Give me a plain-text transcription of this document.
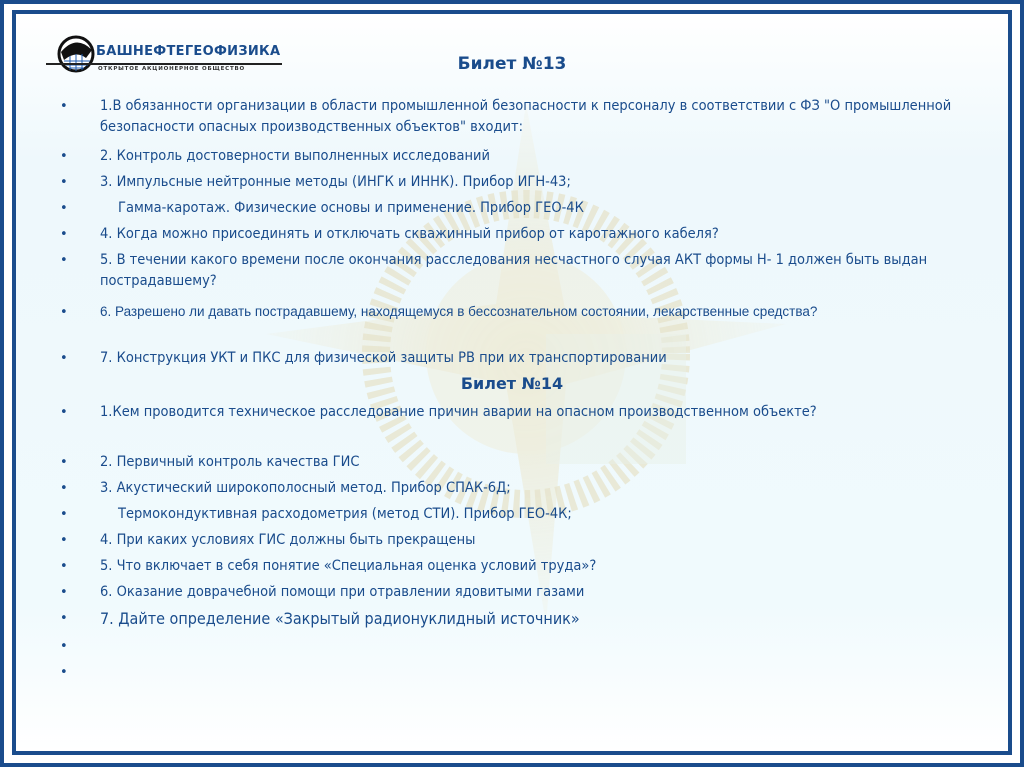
БАШНЕФТЕГЕОФИЗИКА
ОТКРЫТОЕ АКЦИОНЕРНОЕ ОБЩЕСТВО	Билет №13
• 1.В обязанности организации в области промышленной безопасности к персоналу в соответствии с ФЗ "О промышленной безопасности опасных производственных объектов" входит:
• 2. Контроль достоверности выполненных исследований
• 3. Импульсные нейтронные методы (ИНГК и ИННК). Прибор ИГН-43;
•	Гамма-каротаж. Физические основы и применение. Прибор ГЕО-4К
• 4. Когда можно присоединять и отключать скважинный прибор от каротажного кабеля?
• 5. В течении какого времени после окончания расследования несчастного случая АКТ формы Н- 1 должен быть выдан пострадавшему?
• 6. Разрешено ли давать пострадавшему, находящемуся в бессознательном состоянии, лекарственные средства?
• 7. Конструкция УКТ и ПКС для физической защиты РВ при их транспортировании
Билет №14
• 1.Кем проводится техническое расследование причин аварии на опасном производственном объекте?
• 2. Первичный контроль качества ГИС
• 3. Акустический широкополосный метод. Прибор СПАК-6Д;
•	Термокондуктивная расходометрия (метод СТИ). Прибор ГЕО-4К;
• 4. При каких условиях ГИС должны быть прекращены
• 5. Что включает в себя понятие «Специальная оценка условий труда»?
• 6. Оказание доврачебной помощи при отравлении ядовитыми газами
• 7. Дайте определение «Закрытый радионуклидный источник»
•
•
